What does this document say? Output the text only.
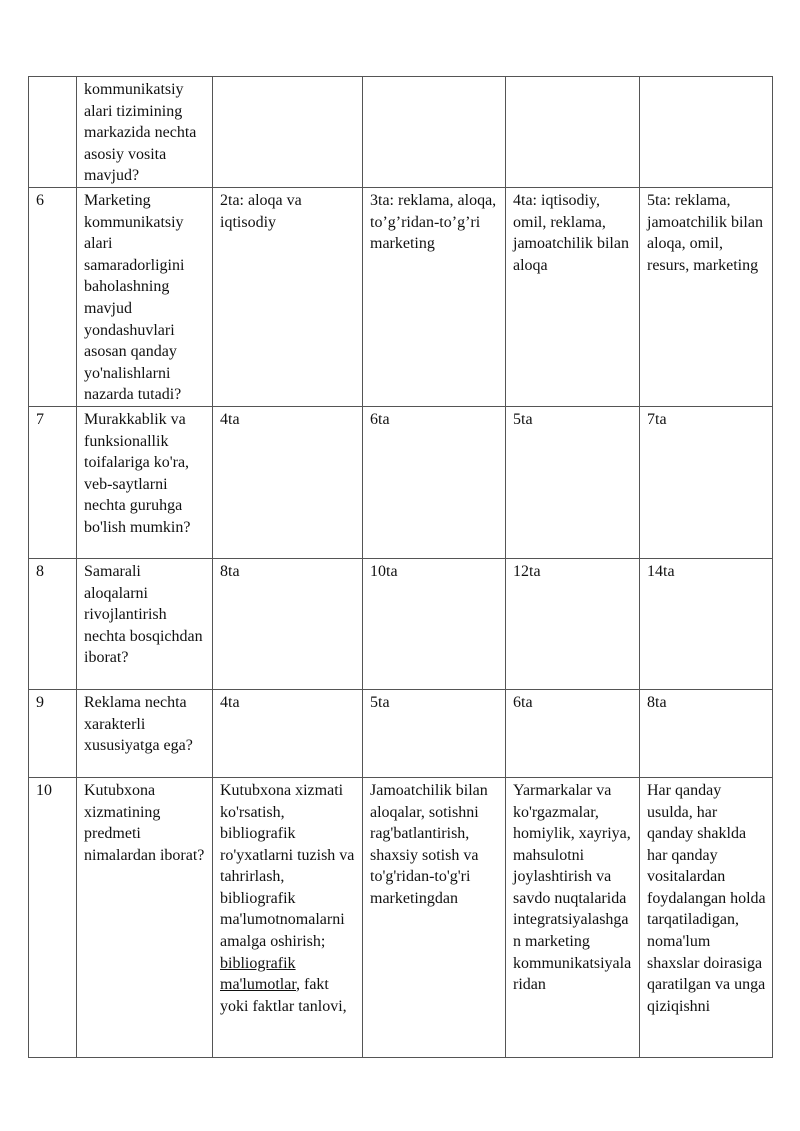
	kommunikatsiy alari tizimining markazida nechta asosiy vosita mavjud?				
6	Marketing kommunikatsiy alari samaradorligini baholashning mavjud yondashuvlari asosan qanday yo'nalishlarni nazarda tutadi?	2ta: aloqa va iqtisodiy	3ta: reklama, aloqa, to’g’ridan-to’g’ri marketing	4ta: iqtisodiy, omil, reklama, jamoatchilik bilan aloqa	5ta: reklama, jamoatchilik bilan aloqa, omil, resurs, marketing
7	Murakkablik va funksionallik toifalariga ko'ra, veb-saytlarni nechta guruhga bo'lish mumkin?	4ta	6ta	5ta	7ta
8	Samarali aloqalarni rivojlantirish nechta bosqichdan iborat?	8ta	10ta	12ta	14ta
9	Reklama nechta xarakterli xususiyatga ega?	4ta	5ta	6ta	8ta
10	Kutubxona xizmatining predmeti nimalardan iborat?	Kutubxona xizmati ko'rsatish, bibliografik ro'yxatlarni tuzish va tahrirlash, bibliografik ma'lumotnomalarni amalga oshirish; bibliografik ma'lumotlar, fakt yoki faktlar tanlovi,	Jamoatchilik bilan aloqalar, sotishni rag'batlantirish, shaxsiy sotish va to'g'ridan-to'g'ri marketingdan	Yarmarkalar va ko'rgazmalar, homiylik, xayriya, mahsulotni joylashtirish va savdo nuqtalarida integratsiyalashgan marketing kommunikatsiyalaridan	Har qanday usulda, har qanday shaklda har qanday vositalardan foydalangan holda tarqatiladigan, noma'lum shaxslar doirasiga qaratilgan va unga qiziqishni
